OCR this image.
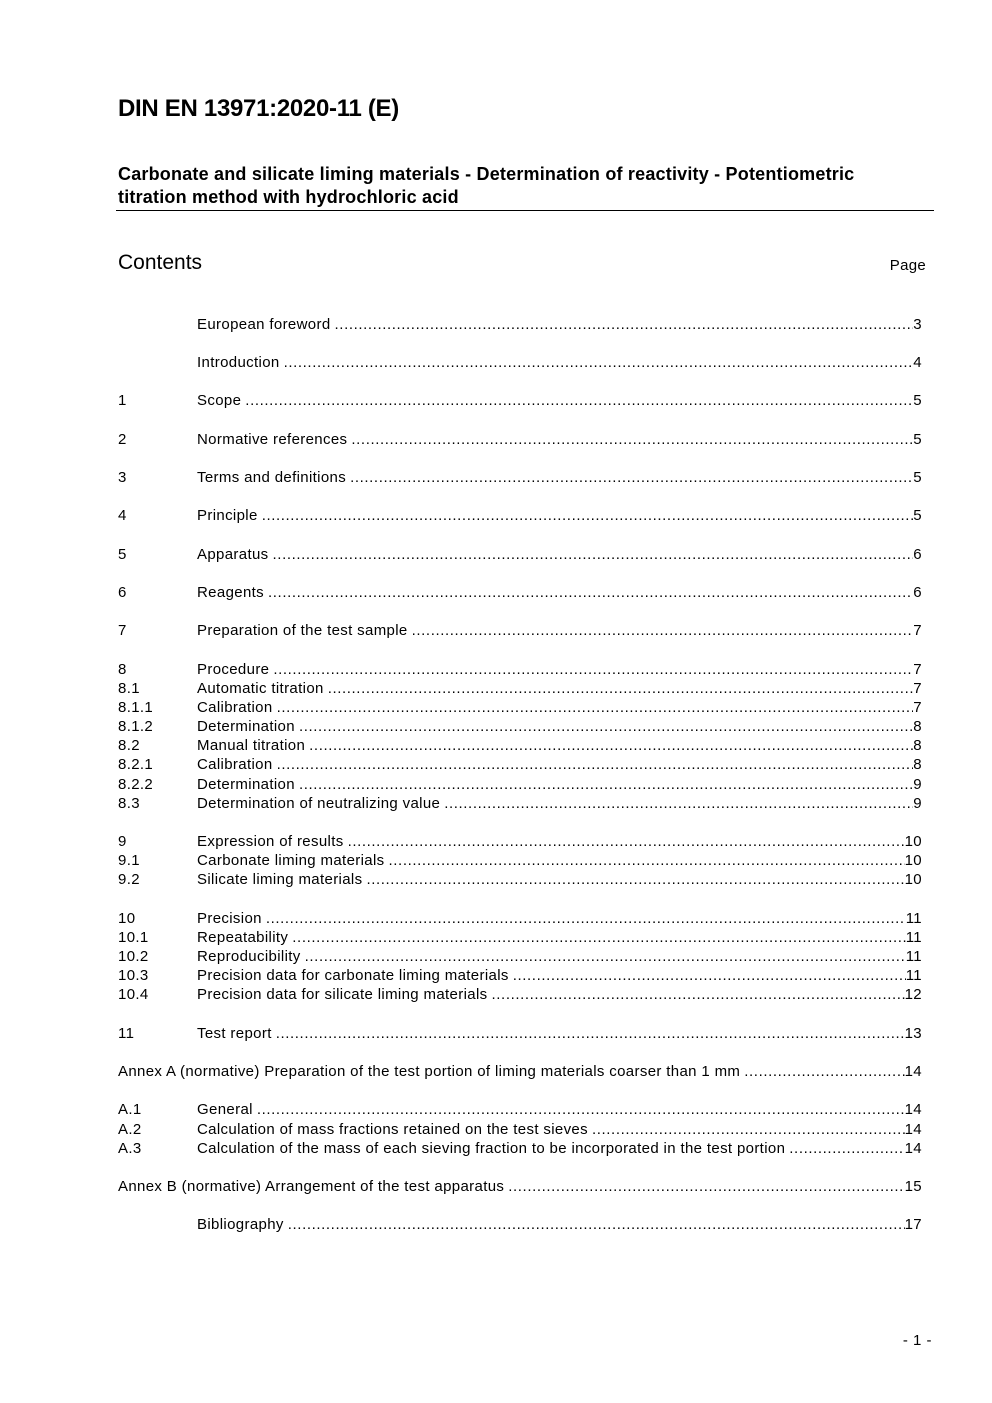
DIN EN 13971:2020-11 (E)
Carbonate and silicate liming materials - Determination of reactivity - Potentiometric
titration method with hydrochloric acid
Contents	Page
European foreword .....	3
Introduction .....	4
1	Scope .....	5
2	Normative references .....	5
3	Terms and definitions .....	5
4	Principle .....	5
5	Apparatus .....	6
6	Reagents .....	6
7	Preparation of the test sample .....	7
8	Procedure .....	7
8.1	Automatic titration .....	7
8.1.1	Calibration .....	7
8.1.2	Determination .....	8
8.2	Manual titration .....	8
8.2.1	Calibration .....	8
8.2.2	Determination .....	9
8.3	Determination of neutralizing value .....	9
9	Expression of results .....	10
9.1	Carbonate liming materials .....	10
9.2	Silicate liming materials .....	10
10	Precision .....	11
10.1	Repeatability .....	11
10.2	Reproducibility .....	11
10.3	Precision data for carbonate liming materials .....	11
10.4	Precision data for silicate liming materials .....	12
11	Test report .....	13
Annex A (normative) Preparation of the test portion of liming materials coarser than 1 mm .....	14
A.1	General .....	14
A.2	Calculation of mass fractions retained on the test sieves .....	14
A.3	Calculation of the mass of each sieving fraction to be incorporated in the test portion .....	14
Annex B (normative) Arrangement of the test apparatus .....	15
Bibliography .....	17
- 1 -
